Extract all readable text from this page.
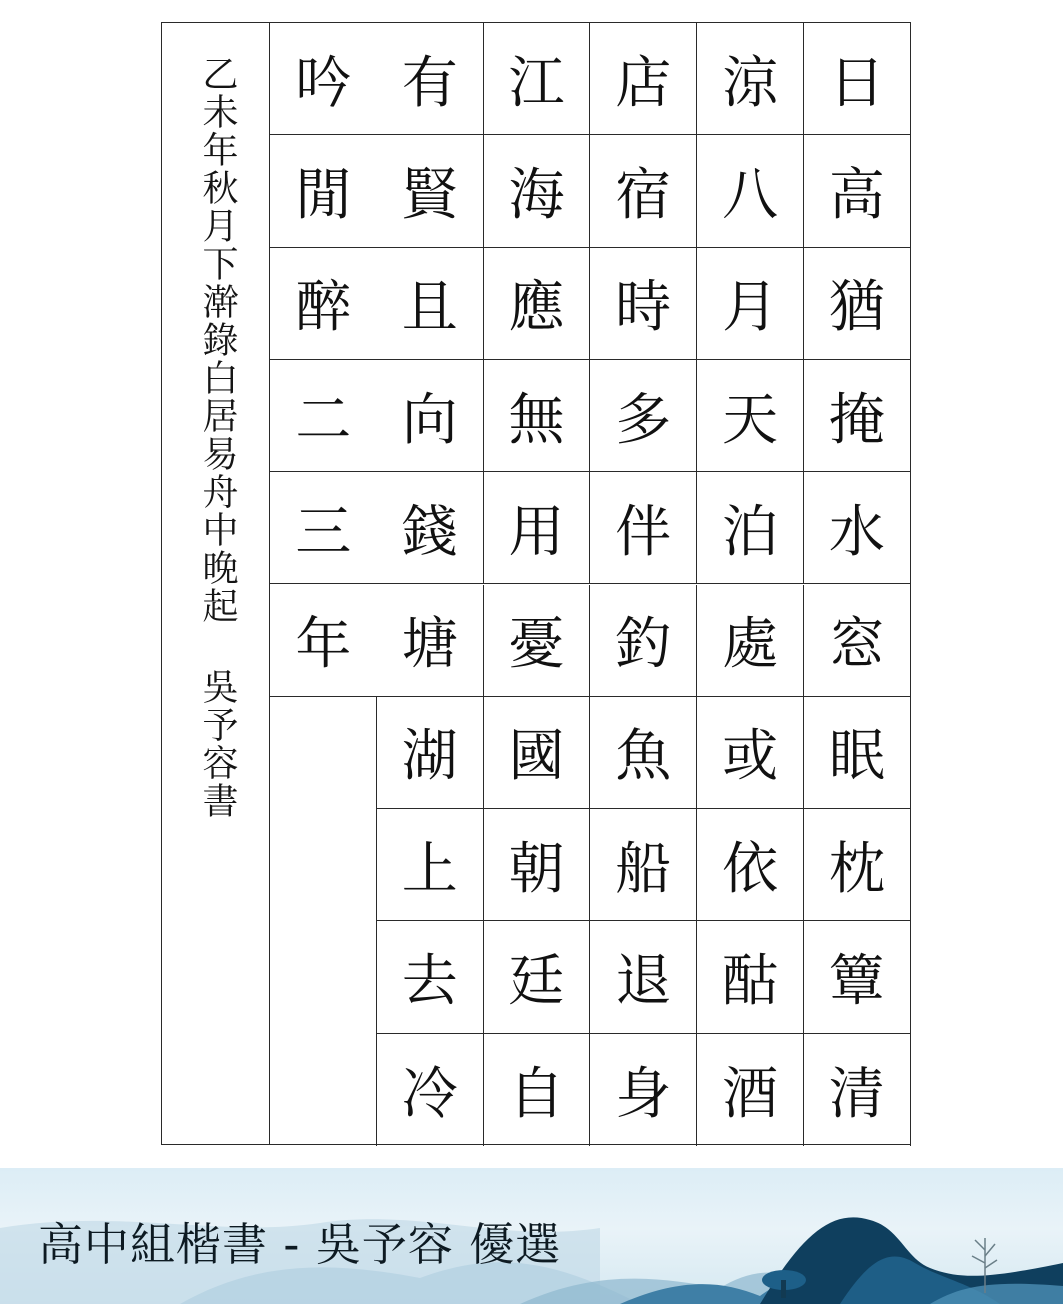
乙未年秋月下澣錄白居易舟中晚起 吳予容書	日
高
猶
掩
水
窓
眠
枕
簟
清
涼
八
月
天
泊
處
或
依
酤
酒
店
宿
時
多
伴
釣
魚
船
退
身
江
海
應
無
用
憂
國
朝
廷
自
有
賢
且
向
錢
塘
湖
上
去
冷
吟
閒
醉
二
三
年
高中組楷書 - 吳予容 優選
